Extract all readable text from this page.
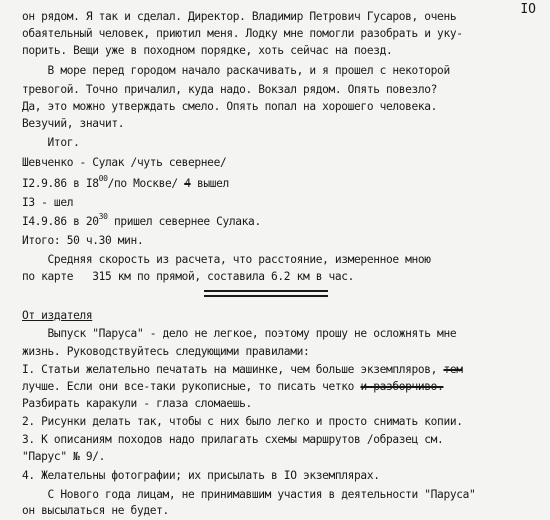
IO
он рядом. Я так и сделал. Директор. Владимир Петрович Гусаров, очень
обаятельный человек, приютил меня. Лодку мне помогли разобрать и уку-
порить. Вещи уже в походном порядке, хоть сейчас на поезд.
В море перед городом начало раскачивать, и я прошел с некоторой
тревогой. Точно причалил, куда надо. Вокзал рядом. Опять повезло?
Да, это можно утверждать смело. Опять попал на хорошего человека.
Везучий, значит.
Итог.
Шевченко - Сулак /чуть севернее/
I2.9.86 в $I8^{00}/по$ Москве/ 4 вышел
I3 - шел
I4.9.86 в $20^{30}$ пришел севернее Сулака.
Итого: 50 ч.30 мин.
Средняя скорость из расчета, что расстояние, измеренное мною
по карте   315 км по прямой, составила 6.2 км в час.
От издателя
Выпуск "Паруса" - дело не легкое, поэтому прошу не осложнять мне
жизнь. Руководствуйтесь следующими правилами:
I. Статьи желательно печатать на машинке, чем больше экземпляров, тем
лучше. Если они все-таки рукописные, то писать четко и разборчиво.
Разбирать каракули - глаза сломаешь.
2. Рисунки делать так, чтобы с них было легко и просто снимать копии.
3. К описаниям походов надо прилагать схемы маршрутов /образец см.
"Парус" № 9/.
4. Желательны фотографии; их присылать в IO экземплярах.
С Нового года лицам, не принимавшим участия в деятельности "Паруса"
он высылаться не будет.
